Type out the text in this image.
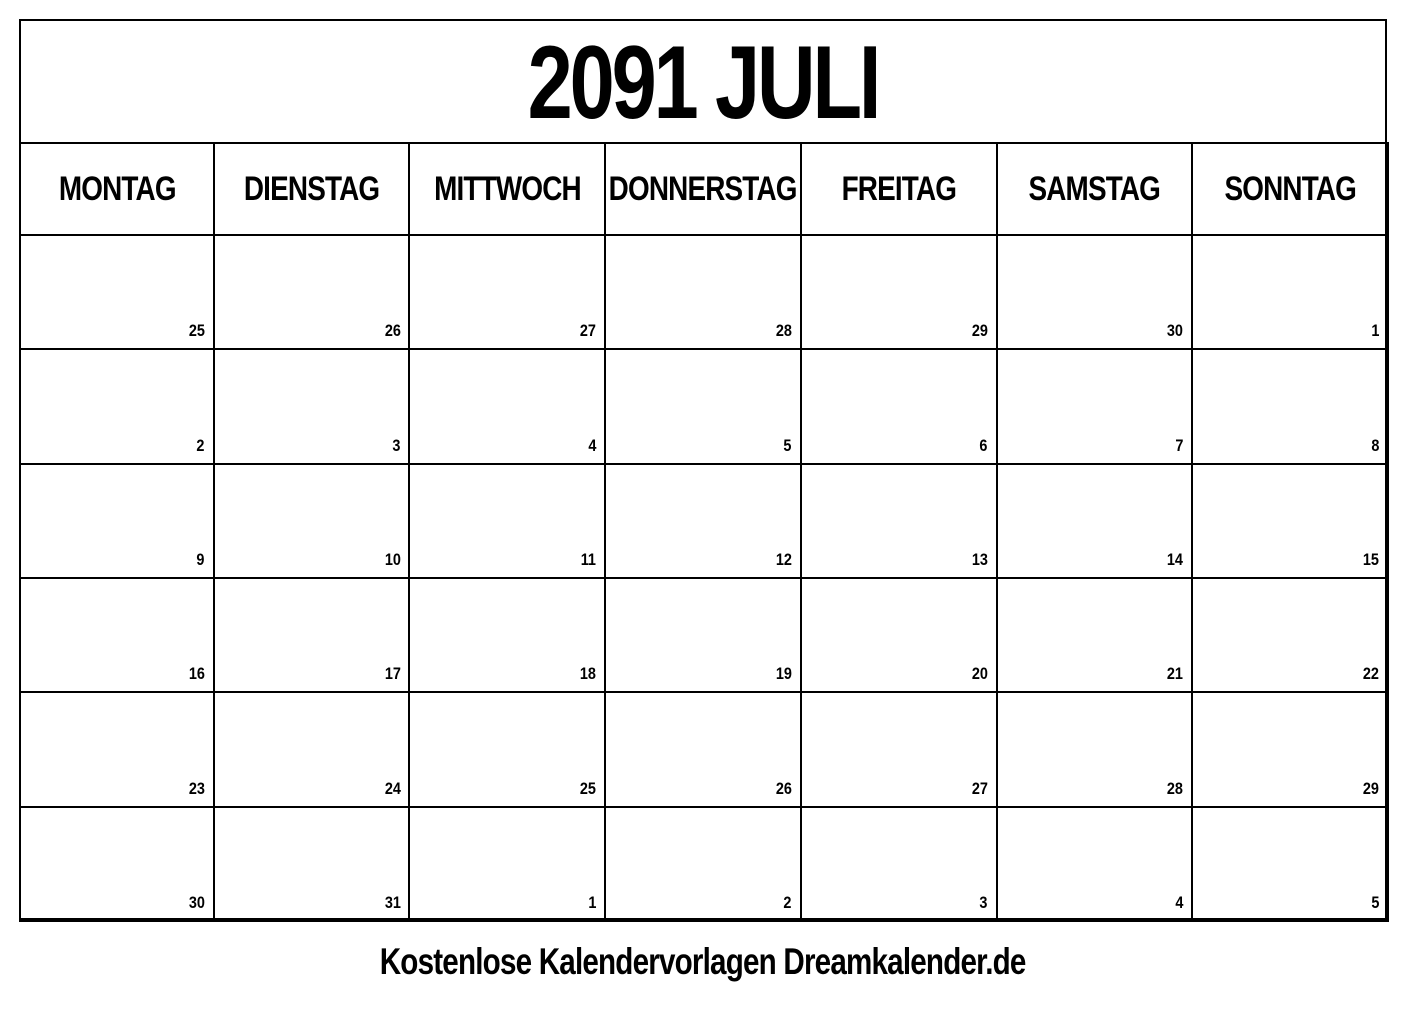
2091 JULI
MONTAG DIENSTAG MITTWOCH DONNERSTAG FREITAG SAMSTAG SONNTAG
25	26	27	28	29	30	1
2	3	4	5	6	7	8
9	10	11	12	13	14	15
16	17	18	19	20	21	22
23	24	25	26	27	28	29
30	31	1	2	3	4	5
Kostenlose Kalendervorlagen Dreamkalender.de
